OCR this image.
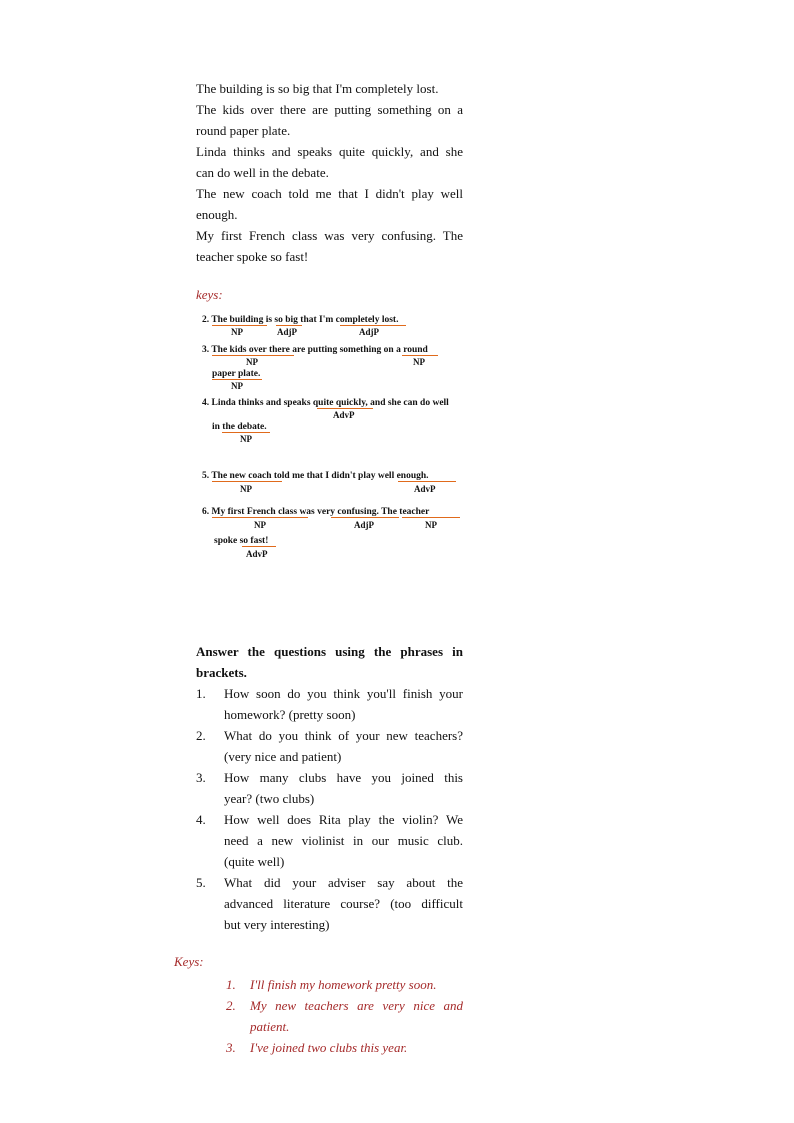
The building is so big that I'm completely lost.
The kids over there are putting something on a
round paper plate.
Linda thinks and speaks quite quickly, and she
can do well in the debate.
The new coach told me that I didn't play well
enough.
My first French class was very confusing. The
teacher spoke so fast!
keys:
2. The building is so big that I'm completely lost.
NP	AdjP	AdjP
3. The kids over there are putting something on a round
NP	NP
paper plate.
NP
4. Linda thinks and speaks quite quickly, and she can do well
AdvP
in the debate.
NP
5. The new coach told me that I didn't play well enough.
NP	AdvP
6. My first French class was very confusing. The teacher
NP	AdjP	NP
spoke so fast!
AdvP
Answer the questions using the phrases in
brackets.
1. How soon do you think you'll finish your
homework? (pretty soon)
2. What do you think of your new teachers?
(very nice and patient)
3. How many clubs have you joined this
year? (two clubs)
4. How well does Rita play the violin? We
need a new violinist in our music club.
(quite well)
5. What did your adviser say about the
advanced literature course? (too difficult
but very interesting)
Keys:
1. I'll finish my homework pretty soon.
2. My new teachers are very nice and
patient.
3. I've joined two clubs this year.
